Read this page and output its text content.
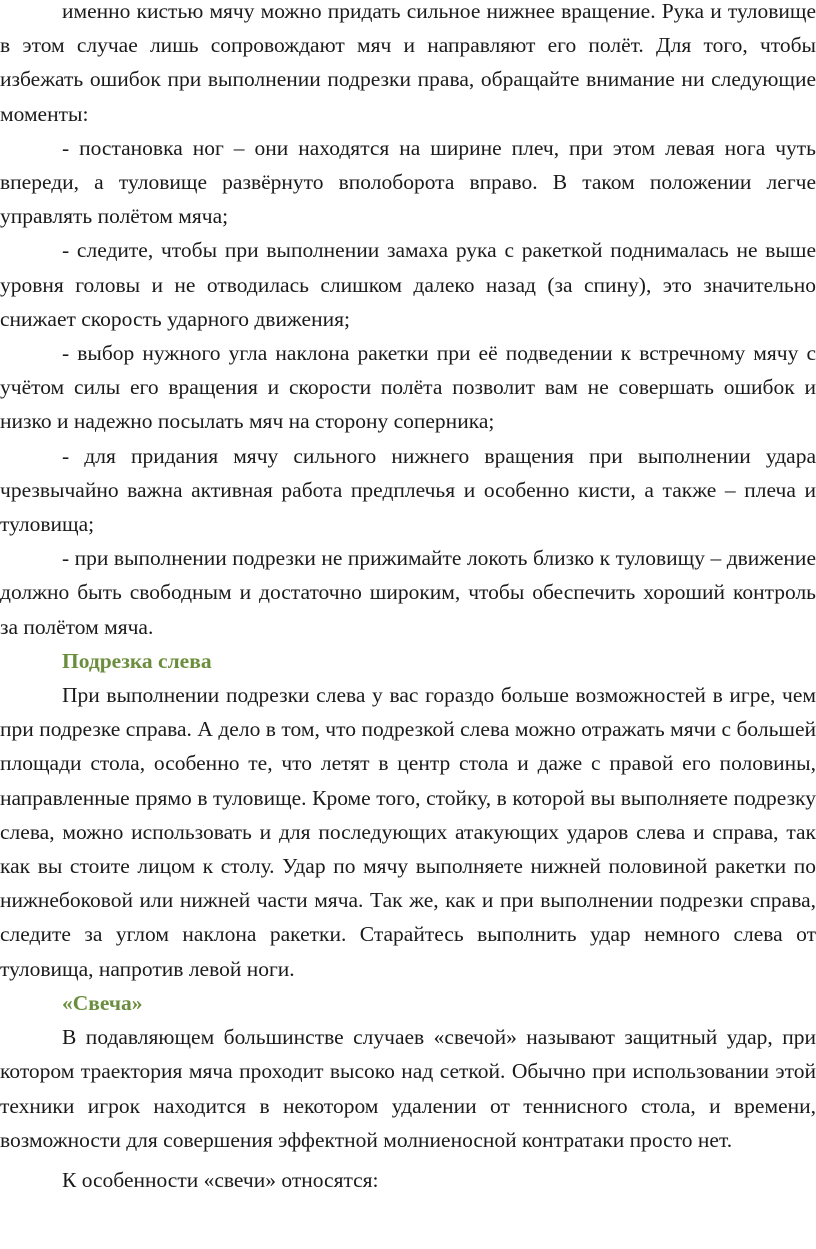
именно кистью мячу можно придать сильное нижнее вращение. Рука и туловище в этом случае лишь сопровождают мяч и направляют его полёт. Для того, чтобы избежать ошибок при выполнении подрезки права, обращайте внимание ни следующие моменты:

- постановка ног – они находятся на ширине плеч, при этом левая нога чуть впереди, а туловище развёрнуто вполоборота вправо. В таком положении легче управлять полётом мяча;

- следите, чтобы при выполнении замаха рука с ракеткой поднималась не выше уровня головы и не отводилась слишком далеко назад (за спину), это значительно снижает скорость ударного движения;

- выбор нужного угла наклона ракетки при её подведении к встречному мячу с учётом силы его вращения и скорости полёта позволит вам не совершать ошибок и низко и надежно посылать мяч на сторону соперника;

- для придания мячу сильного нижнего вращения при выполнении удара чрезвычайно важна активная работа предплечья и особенно кисти, а также – плеча и туловища;

- при выполнении подрезки не прижимайте локоть близко к туловищу – движение должно быть свободным и достаточно широким, чтобы обеспечить хороший контроль за полётом мяча.

Подрезка слева

При выполнении подрезки слева у вас гораздо больше возможностей в игре, чем при подрезке справа. А дело в том, что подрезкой слева можно отражать мячи с большей площади стола, особенно те, что летят в центр стола и даже с правой его половины, направленные прямо в туловище. Кроме того, стойку, в которой вы выполняете подрезку слева, можно использовать и для последующих атакующих ударов слева и справа, так как вы стоите лицом к столу. Удар по мячу выполняете нижней половиной ракетки по нижнебоковой или нижней части мяча. Так же, как и при выполнении подрезки справа, следите за углом наклона ракетки. Старайтесь выполнить удар немного слева от туловища, напротив левой ноги.

«Свеча»

В подавляющем большинстве случаев «свечой» называют защитный удар, при котором траектория мяча проходит высоко над сеткой. Обычно при использовании этой техники игрок находится в некотором удалении от теннисного стола, и времени, возможности для совершения эффектной молниеносной контратаки просто нет.

К особенности «свечи» относятся:
